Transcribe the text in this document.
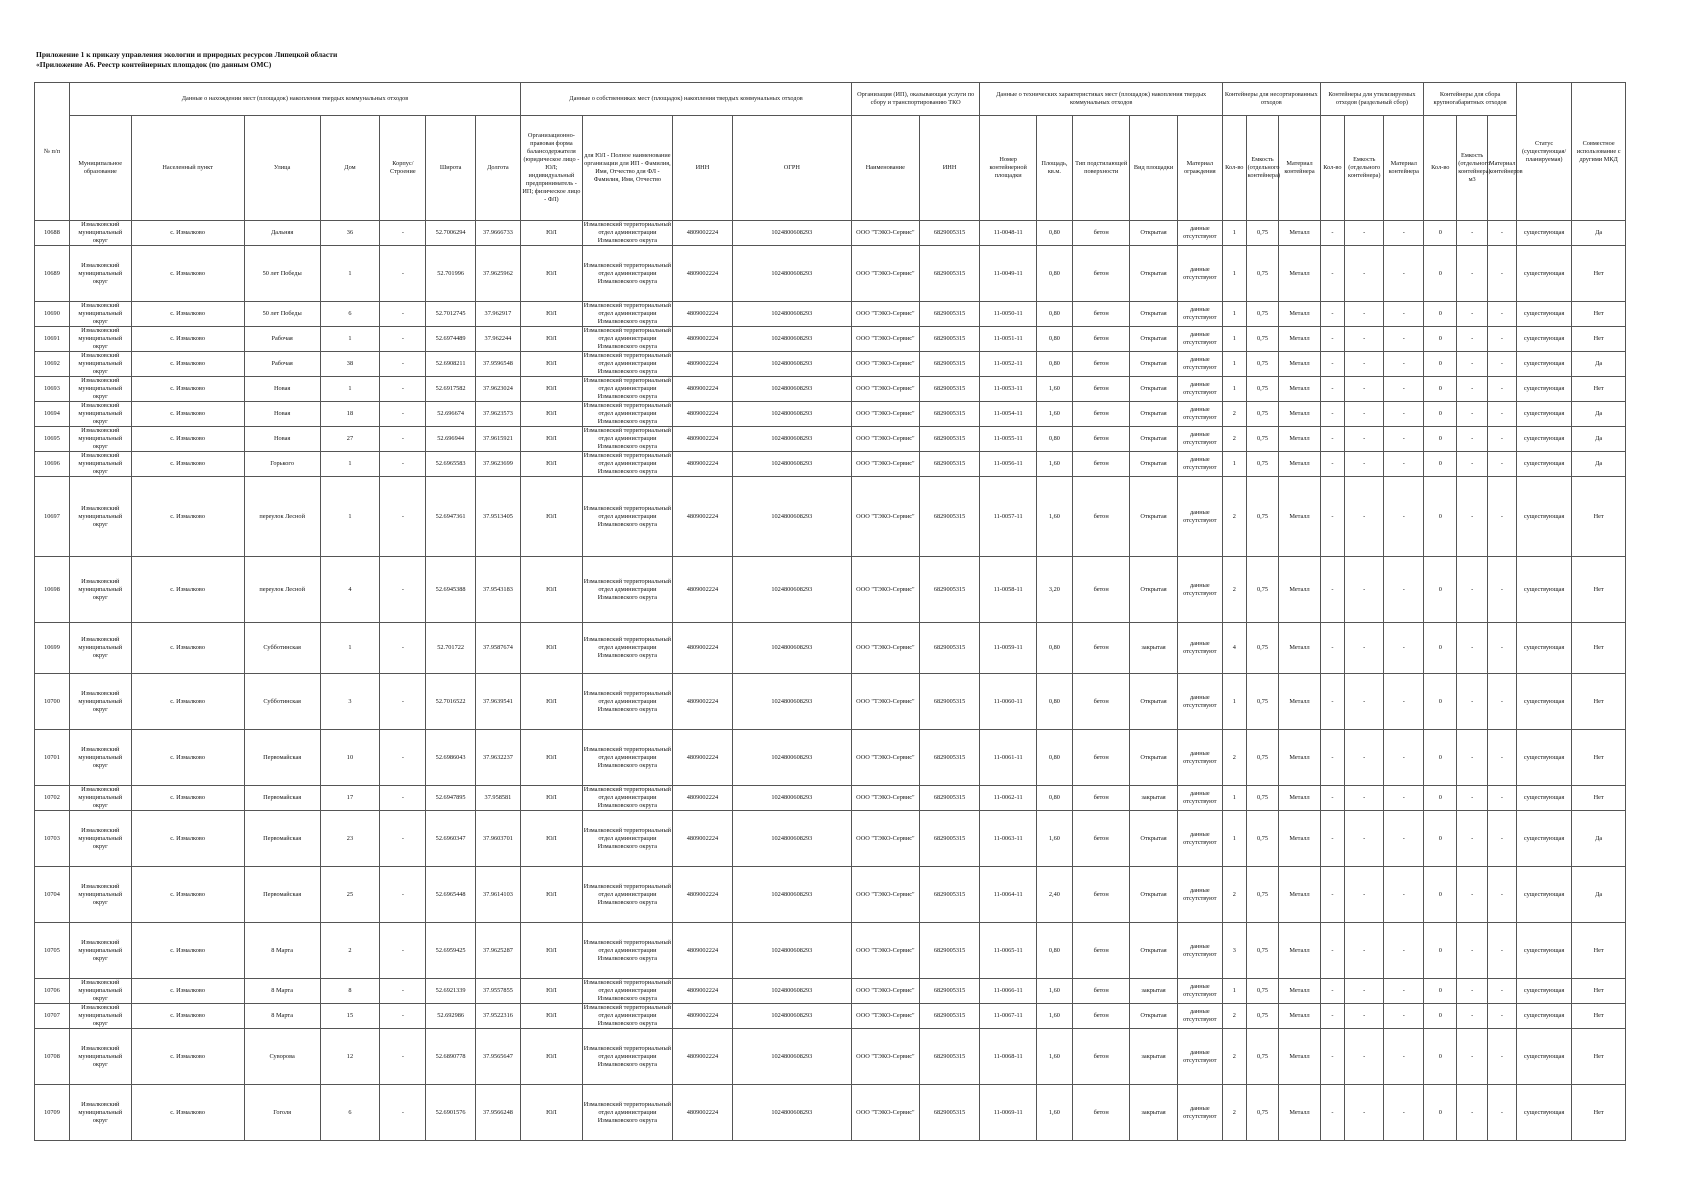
Приложение 1 к приказу управления экологии и природных ресурсов Липецкой области
«Приложение А6. Реестр контейнерных площадок (по данным ОМС)
№ п/п	Данные о нахождении мест (площадок) накопления твердых коммунальных отходов							Данные о собственниках мест (площадок) накопления твердых коммунальных отходов				Организация (ИП), оказывающая услуги по сбору и транспортированию ТКО		Данные о технических характеристиках мест (площадок) накопления твердых коммунальных отходов					Контейнеры для несортированных отходов			Контейнеры для утилизируемых отходов (раздельный сбор)			Контейнеры для сбора крупногабаритных отходов			Статус (существующая/ планируемая)	Совместное использование с другими МКД
	Муниципальное образование	Населенный пункт	Улица	Дом	Корпус/Строение	Широта	Долгота	Организационно-правовая форма балансодержателя (юридическое лицо - ЮЛ; индивидуальный предприниматель - ИП; физическое лицо - ФЛ)	для ЮЛ - Полное наименование организации для ИП - Фамилия, Имя, Отчество для ФЛ - Фамилия, Имя, Отчество	ИНН	ОГРН	Наименование	ИНН	Номер контейнерной площадки	Площадь, кв.м.	Тип подстилающей поверхности	Вид площадки	Материал ограждения	Кол-во	Емкость (отдельного контейнера)	Материал контейнера	Кол-во	Емкость (отдельного контейнера)	Материал контейнера	Кол-во	Емкость (отдельного контейнера) м3	Материал контейнеров		
10688	Измалковский муниципальный округ	с. Измалково	Дальняя	36	-	52.7006294	37.9666733	ЮЛ	Измалковский территориальный отдел администрации Измалковского округа	4809002224	1024800608293	ООО "ТЭКО-Сервис"	6829005315	11-0048-11	0,80	бетон	Открытая	данные отсутствуют	1	0,75	Металл	-	-	-	0	-	-	существующая	Да
10689	Измалковский муниципальный округ	с. Измалково	50 лет Победы	1	-	52.701996	37.9625962	ЮЛ	Измалковский территориальный отдел администрации Измалковского округа	4809002224	1024800608293	ООО "ТЭКО-Сервис"	6829005315	11-0049-11	0,80	бетон	Открытая	данные отсутствуют	1	0,75	Металл	-	-	-	0	-	-	существующая	Нет
10690	Измалковский муниципальный округ	с. Измалково	50 лет Победы	6	-	52.7012745	37.962917	ЮЛ	Измалковский территориальный отдел администрации Измалковского округа	4809002224	1024800608293	ООО "ТЭКО-Сервис"	6829005315	11-0050-11	0,80	бетон	Открытая	данные отсутствуют	1	0,75	Металл	-	-	-	0	-	-	существующая	Нет
10691	Измалковский муниципальный округ	с. Измалково	Рабочая	1	-	52.6974489	37.962244	ЮЛ	Измалковский территориальный отдел администрации Измалковского округа	4809002224	1024800608293	ООО "ТЭКО-Сервис"	6829005315	11-0051-11	0,80	бетон	Открытая	данные отсутствуют	1	0,75	Металл	-	-	-	0	-	-	существующая	Нет
10692	Измалковский муниципальный округ	с. Измалково	Рабочая	38	-	52.6908211	37.9596548	ЮЛ	Измалковский территориальный отдел администрации Измалковского округа	4809002224	1024800608293	ООО "ТЭКО-Сервис"	6829005315	11-0052-11	0,80	бетон	Открытая	данные отсутствуют	1	0,75	Металл	-	-	-	0	-	-	существующая	Да
10693	Измалковский муниципальный округ	с. Измалково	Новая	1	-	52.6917582	37.9623024	ЮЛ	Измалковский территориальный отдел администрации Измалковского округа	4809002224	1024800608293	ООО "ТЭКО-Сервис"	6829005315	11-0053-11	1,60	бетон	Открытая	данные отсутствуют	1	0,75	Металл	-	-	-	0	-	-	существующая	Нет
10694	Измалковский муниципальный округ	с. Измалково	Новая	18	-	52.696674	37.9623573	ЮЛ	Измалковский территориальный отдел администрации Измалковского округа	4809002224	1024800608293	ООО "ТЭКО-Сервис"	6829005315	11-0054-11	1,60	бетон	Открытая	данные отсутствуют	2	0,75	Металл	-	-	-	0	-	-	существующая	Да
10695	Измалковский муниципальный округ	с. Измалково	Новая	27	-	52.696944	37.9615921	ЮЛ	Измалковский территориальный отдел администрации Измалковского округа	4809002224	1024800608293	ООО "ТЭКО-Сервис"	6829005315	11-0055-11	0,80	бетон	Открытая	данные отсутствуют	2	0,75	Металл	-	-	-	0	-	-	существующая	Да
10696	Измалковский муниципальный округ	с. Измалково	Горького	1	-	52.6965583	37.9623699	ЮЛ	Измалковский территориальный отдел администрации Измалковского округа	4809002224	1024800608293	ООО "ТЭКО-Сервис"	6829005315	11-0056-11	1,60	бетон	Открытая	данные отсутствуют	1	0,75	Металл	-	-	-	0	-	-	существующая	Да
10697	Измалковский муниципальный округ	с. Измалково	переулок Лесной	1	-	52.6947361	37.9513405	ЮЛ	Измалковский территориальный отдел администрации Измалковского округа	4809002224	1024800608293	ООО "ТЭКО-Сервис"	6829005315	11-0057-11	1,60	бетон	Открытая	данные отсутствуют	2	0,75	Металл	-	-	-	0	-	-	существующая	Нет
10698	Измалковский муниципальный округ	с. Измалково	переулок Лесной	4	-	52.6945388	37.9543183	ЮЛ	Измалковский территориальный отдел администрации Измалковского округа	4809002224	1024800608293	ООО "ТЭКО-Сервис"	6829005315	11-0058-11	3,20	бетон	Открытая	данные отсутствуют	2	0,75	Металл	-	-	-	0	-	-	существующая	Нет
10699	Измалковский муниципальный округ	с. Измалково	Субботинская	1	-	52.701722	37.9587674	ЮЛ	Измалковский территориальный отдел администрации Измалковского округа	4809002224	1024800608293	ООО "ТЭКО-Сервис"	6829005315	11-0059-11	0,80	бетон	закрытая	данные отсутствуют	4	0,75	Металл	-	-	-	0	-	-	существующая	Нет
10700	Измалковский муниципальный округ	с. Измалково	Субботинская	3	-	52.7016522	37.9639541	ЮЛ	Измалковский территориальный отдел администрации Измалковского округа	4809002224	1024800608293	ООО "ТЭКО-Сервис"	6829005315	11-0060-11	0,80	бетон	Открытая	данные отсутствуют	1	0,75	Металл	-	-	-	0	-	-	существующая	Нет
10701	Измалковский муниципальный округ	с. Измалково	Первомайская	10	-	52.6986043	37.9632237	ЮЛ	Измалковский территориальный отдел администрации Измалковского округа	4809002224	1024800608293	ООО "ТЭКО-Сервис"	6829005315	11-0061-11	0,80	бетон	Открытая	данные отсутствуют	2	0,75	Металл	-	-	-	0	-	-	существующая	Нет
10702	Измалковский муниципальный округ	с. Измалково	Первомайская	17	-	52.6947895	37.958581	ЮЛ	Измалковский территориальный отдел администрации Измалковского округа	4809002224	1024800608293	ООО "ТЭКО-Сервис"	6829005315	11-0062-11	0,80	бетон	закрытая	данные отсутствуют	1	0,75	Металл	-	-	-	0	-	-	существующая	Нет
10703	Измалковский муниципальный округ	с. Измалково	Первомайская	23	-	52.6960347	37.9603701	ЮЛ	Измалковский территориальный отдел администрации Измалковского округа	4809002224	1024800608293	ООО "ТЭКО-Сервис"	6829005315	11-0063-11	1,60	бетон	Открытая	данные отсутствуют	1	0,75	Металл	-	-	-	0	-	-	существующая	Да
10704	Измалковский муниципальный округ	с. Измалково	Первомайская	25	-	52.6965448	37.9614103	ЮЛ	Измалковский территориальный отдел администрации Измалковского округа	4809002224	1024800608293	ООО "ТЭКО-Сервис"	6829005315	11-0064-11	2,40	бетон	Открытая	данные отсутствуют	2	0,75	Металл	-	-	-	0	-	-	существующая	Да
10705	Измалковский муниципальный округ	с. Измалково	8 Марта	2	-	52.6959425	37.9625287	ЮЛ	Измалковский территориальный отдел администрации Измалковского округа	4809002224	1024800608293	ООО "ТЭКО-Сервис"	6829005315	11-0065-11	0,80	бетон	Открытая	данные отсутствуют	3	0,75	Металл	-	-	-	0	-	-	существующая	Нет
10706	Измалковский муниципальный округ	с. Измалково	8 Марта	8	-	52.6921339	37.9557855	ЮЛ	Измалковский территориальный отдел администрации Измалковского округа	4809002224	1024800608293	ООО "ТЭКО-Сервис"	6829005315	11-0066-11	1,60	бетон	закрытая	данные отсутствуют	1	0,75	Металл	-	-	-	0	-	-	существующая	Нет
10707	Измалковский муниципальный округ	с. Измалково	8 Марта	15	-	52.692986	37.9522316	ЮЛ	Измалковский территориальный отдел администрации Измалковского округа	4809002224	1024800608293	ООО "ТЭКО-Сервис"	6829005315	11-0067-11	1,60	бетон	Открытая	данные отсутствуют	2	0,75	Металл	-	-	-	0	-	-	существующая	Нет
10708	Измалковский муниципальный округ	с. Измалково	Суворова	12	-	52.6890778	37.9565647	ЮЛ	Измалковский территориальный отдел администрации Измалковского округа	4809002224	1024800608293	ООО "ТЭКО-Сервис"	6829005315	11-0068-11	1,60	бетон	закрытая	данные отсутствуют	2	0,75	Металл	-	-	-	0	-	-	существующая	Нет
10709	Измалковский муниципальный округ	с. Измалково	Гоголя	6	-	52.6901576	37.9566248	ЮЛ	Измалковский территориальный отдел администрации Измалковского округа	4809002224	1024800608293	ООО "ТЭКО-Сервис"	6829005315	11-0069-11	1,60	бетон	закрытая	данные отсутствуют	2	0,75	Металл	-	-	-	0	-	-	существующая	Нет
